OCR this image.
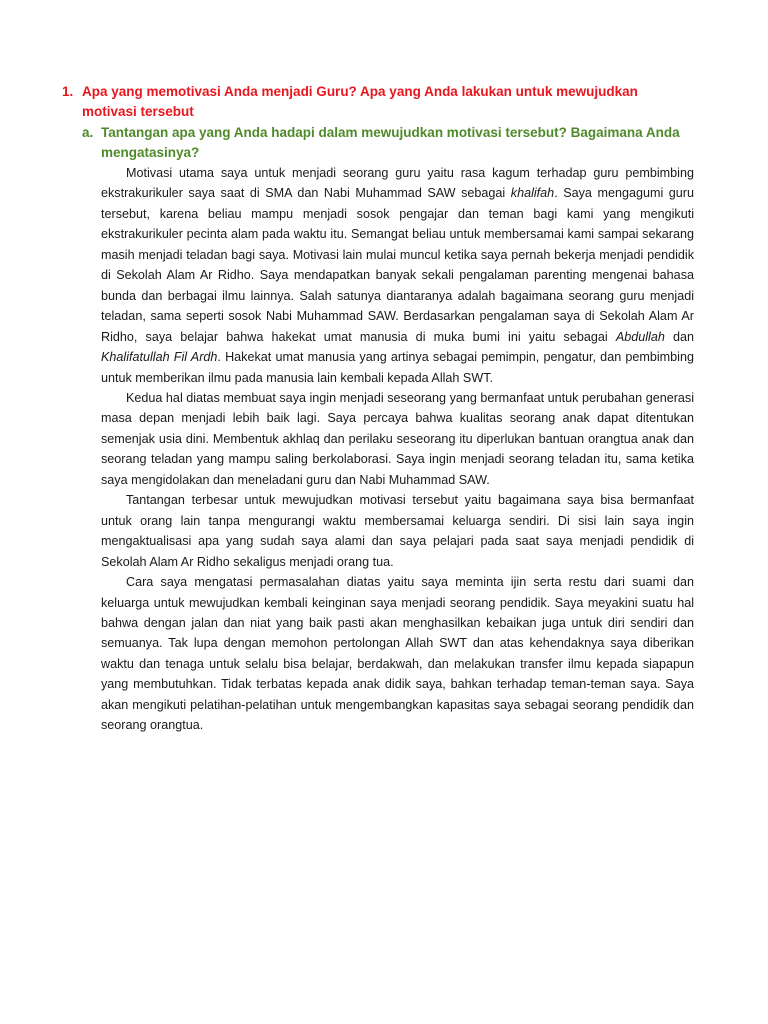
1. Apa yang memotivasi Anda menjadi Guru? Apa yang Anda lakukan untuk mewujudkan motivasi tersebut
a. Tantangan apa yang Anda hadapi dalam mewujudkan motivasi tersebut? Bagaimana Anda mengatasinya?

Motivasi utama saya untuk menjadi seorang guru yaitu rasa kagum terhadap guru pembimbing ekstrakurikuler saya saat di SMA dan Nabi Muhammad SAW sebagai khalifah. Saya mengagumi guru tersebut, karena beliau mampu menjadi sosok pengajar dan teman bagi kami yang mengikuti ekstrakurikuler pecinta alam pada waktu itu. Semangat beliau untuk membersamai kami sampai sekarang masih menjadi teladan bagi saya. Motivasi lain mulai muncul ketika saya pernah bekerja menjadi pendidik di Sekolah Alam Ar Ridho. Saya mendapatkan banyak sekali pengalaman parenting mengenai bahasa bunda dan berbagai ilmu lainnya. Salah satunya diantaranya adalah bagaimana seorang guru menjadi teladan, sama seperti sosok Nabi Muhammad SAW. Berdasarkan pengalaman saya di Sekolah Alam Ar Ridho, saya belajar bahwa hakekat umat manusia di muka bumi ini yaitu sebagai Abdullah dan Khalifatullah Fil Ardh. Hakekat umat manusia yang artinya sebagai pemimpin, pengatur, dan pembimbing untuk memberikan ilmu pada manusia lain kembali kepada Allah SWT.

Kedua hal diatas membuat saya ingin menjadi seseorang yang bermanfaat untuk perubahan generasi masa depan menjadi lebih baik lagi. Saya percaya bahwa kualitas seorang anak dapat ditentukan semenjak usia dini. Membentuk akhlaq dan perilaku seseorang itu diperlukan bantuan orangtua anak dan seorang teladan yang mampu saling berkolaborasi. Saya ingin menjadi seorang teladan itu, sama ketika saya mengidolakan dan meneladani guru dan Nabi Muhammad SAW.

Tantangan terbesar untuk mewujudkan motivasi tersebut yaitu bagaimana saya bisa bermanfaat untuk orang lain tanpa mengurangi waktu membersamai keluarga sendiri. Di sisi lain saya ingin mengaktualisasi apa yang sudah saya alami dan saya pelajari pada saat saya menjadi pendidik di Sekolah Alam Ar Ridho sekaligus menjadi orang tua.

Cara saya mengatasi permasalahan diatas yaitu saya meminta ijin serta restu dari suami dan keluarga untuk mewujudkan kembali keinginan saya menjadi seorang pendidik. Saya meyakini suatu hal bahwa dengan jalan dan niat yang baik pasti akan menghasilkan kebaikan juga untuk diri sendiri dan semuanya. Tak lupa dengan memohon pertolongan Allah SWT dan atas kehendaknya saya diberikan waktu dan tenaga untuk selalu bisa belajar, berdakwah, dan melakukan transfer ilmu kepada siapapun yang membutuhkan. Tidak terbatas kepada anak didik saya, bahkan terhadap teman-teman saya. Saya akan mengikuti pelatihan-pelatihan untuk mengembangkan kapasitas saya sebagai seorang pendidik dan seorang orangtua.
